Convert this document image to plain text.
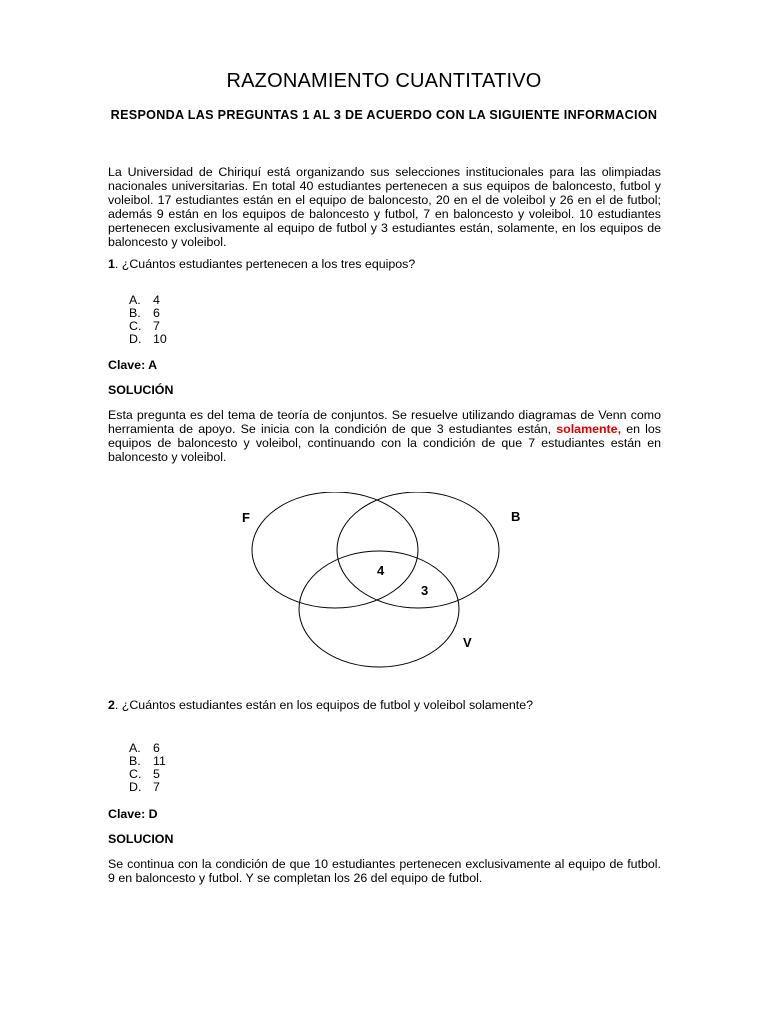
RAZONAMIENTO CUANTITATIVO
RESPONDA LAS PREGUNTAS 1 AL 3 DE ACUERDO CON LA SIGUIENTE INFORMACION
La Universidad de Chiriquí está organizando sus selecciones institucionales para las olimpiadas nacionales universitarias. En total 40 estudiantes pertenecen a sus equipos de baloncesto, futbol y voleibol. 17 estudiantes están en el equipo de baloncesto, 20 en el de voleibol y 26 en el de futbol; además 9 están en los equipos de baloncesto y futbol, 7 en baloncesto y voleibol. 10 estudiantes pertenecen exclusivamente al equipo de futbol y 3 estudiantes están, solamente, en los equipos de baloncesto y voleibol.
1. ¿Cuántos estudiantes pertenecen a los tres equipos?
A. 4
B. 6
C. 7
D. 10
Clave: A
SOLUCIÓN
Esta pregunta es del tema de teoría de conjuntos. Se resuelve utilizando diagramas de Venn como herramienta de apoyo. Se inicia con la condición de que 3 estudiantes están, solamente, en los equipos de baloncesto y voleibol, continuando con la condición de que 7 estudiantes están en baloncesto y voleibol.
F	B
V
4
3
2. ¿Cuántos estudiantes están en los equipos de futbol y voleibol solamente?
A. 6
B. 11
C. 5
D. 7
Clave: D
SOLUCION
Se continua con la condición de que 10 estudiantes pertenecen exclusivamente al equipo de futbol. 9 en baloncesto y futbol. Y se completan los 26 del equipo de futbol.
